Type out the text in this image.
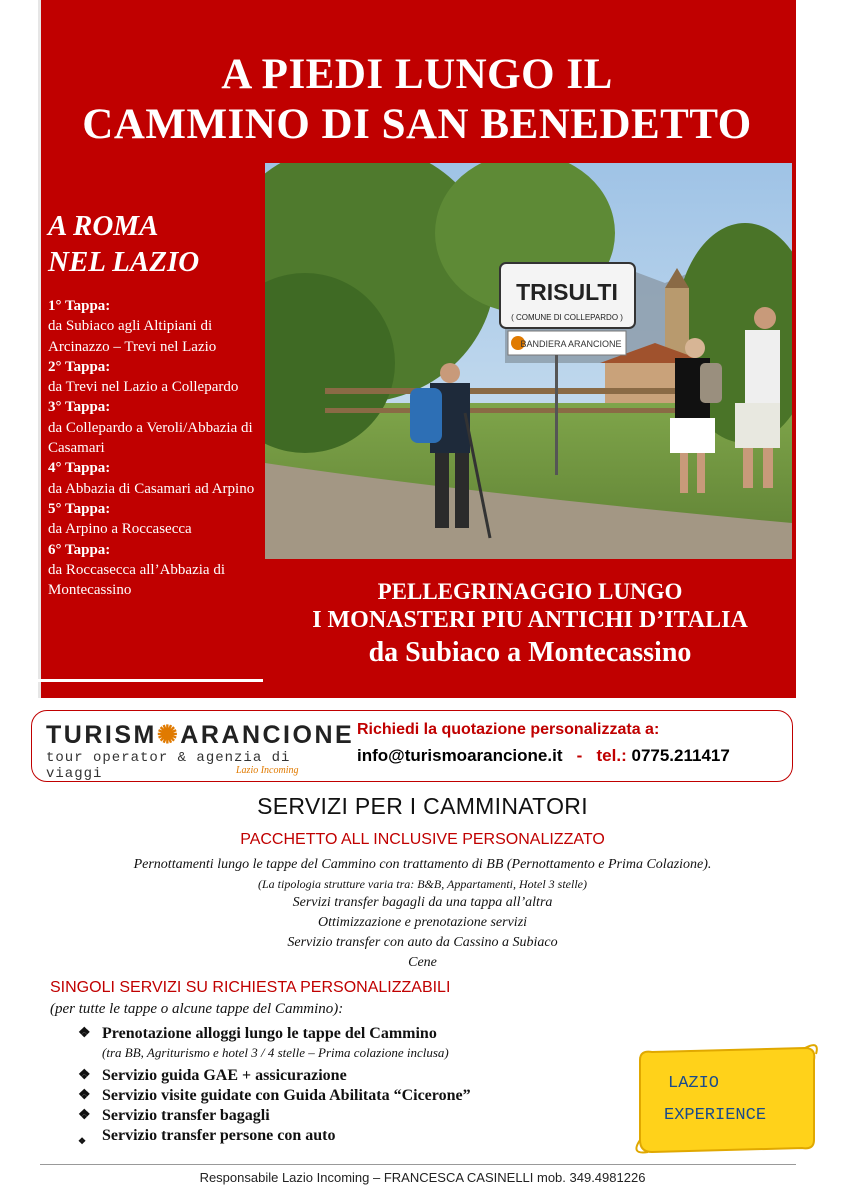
A PIEDI LUNGO IL
CAMMINO DI SAN BENEDETTO
A ROMA
NEL LAZIO
1° Tappa:
da Subiaco agli Altipiani di Arcinazzo – Trevi nel Lazio
2° Tappa:
da Trevi nel Lazio a Collepardo
3° Tappa:
da Collepardo a Veroli/Abbazia di Casamari
4° Tappa:
da Abbazia di Casamari ad Arpino
5° Tappa:
da Arpino a Roccasecca
6° Tappa:
da Roccasecca all’Abbazia di Montecassino
TRISULTI
( COMUNE DI COLLEPARDO )
BANDIERA ARANCIONE
PELLEGRINAGGIO LUNGO
I MONASTERI PIU ANTICHI D’ITALIA
da Subiaco a Montecassino
TURISM✺ARANCIONE
tour operator & agenzia di viaggi	Lazio Incoming
Richiedi la quotazione personalizzata a:
info@turismoarancione.it - tel.: 0775.211417
SERVIZI PER I CAMMINATORI
PACCHETTO ALL INCLUSIVE PERSONALIZZATO
Pernottamenti lungo le tappe del Cammino con trattamento di BB (Pernottamento e Prima Colazione).
(La tipologia strutture varia tra: B&B, Appartamenti, Hotel 3 stelle)
Servizi transfer bagagli da una tappa all’altra
Ottimizzazione e prenotazione servizi
Servizio transfer con auto da Cassino a Subiaco
Cene
SINGOLI SERVIZI SU RICHIESTA PERSONALIZZABILI
(per tutte le tappe o alcune tappe del Cammino):
❖ Prenotazione alloggi lungo le tappe del Cammino
(tra BB, Agriturismo e hotel 3 / 4 stelle – Prima colazione inclusa)
❖ Servizio guida GAE + assicurazione
❖ Servizio visite guidate con Guida Abilitata “Cicerone”
❖ Servizio transfer bagagli
❖ Servizio transfer persone con auto
LAZIO
EXPERIENCE
Responsabile Lazio Incoming – FRANCESCA CASINELLI mob. 349.4981226
